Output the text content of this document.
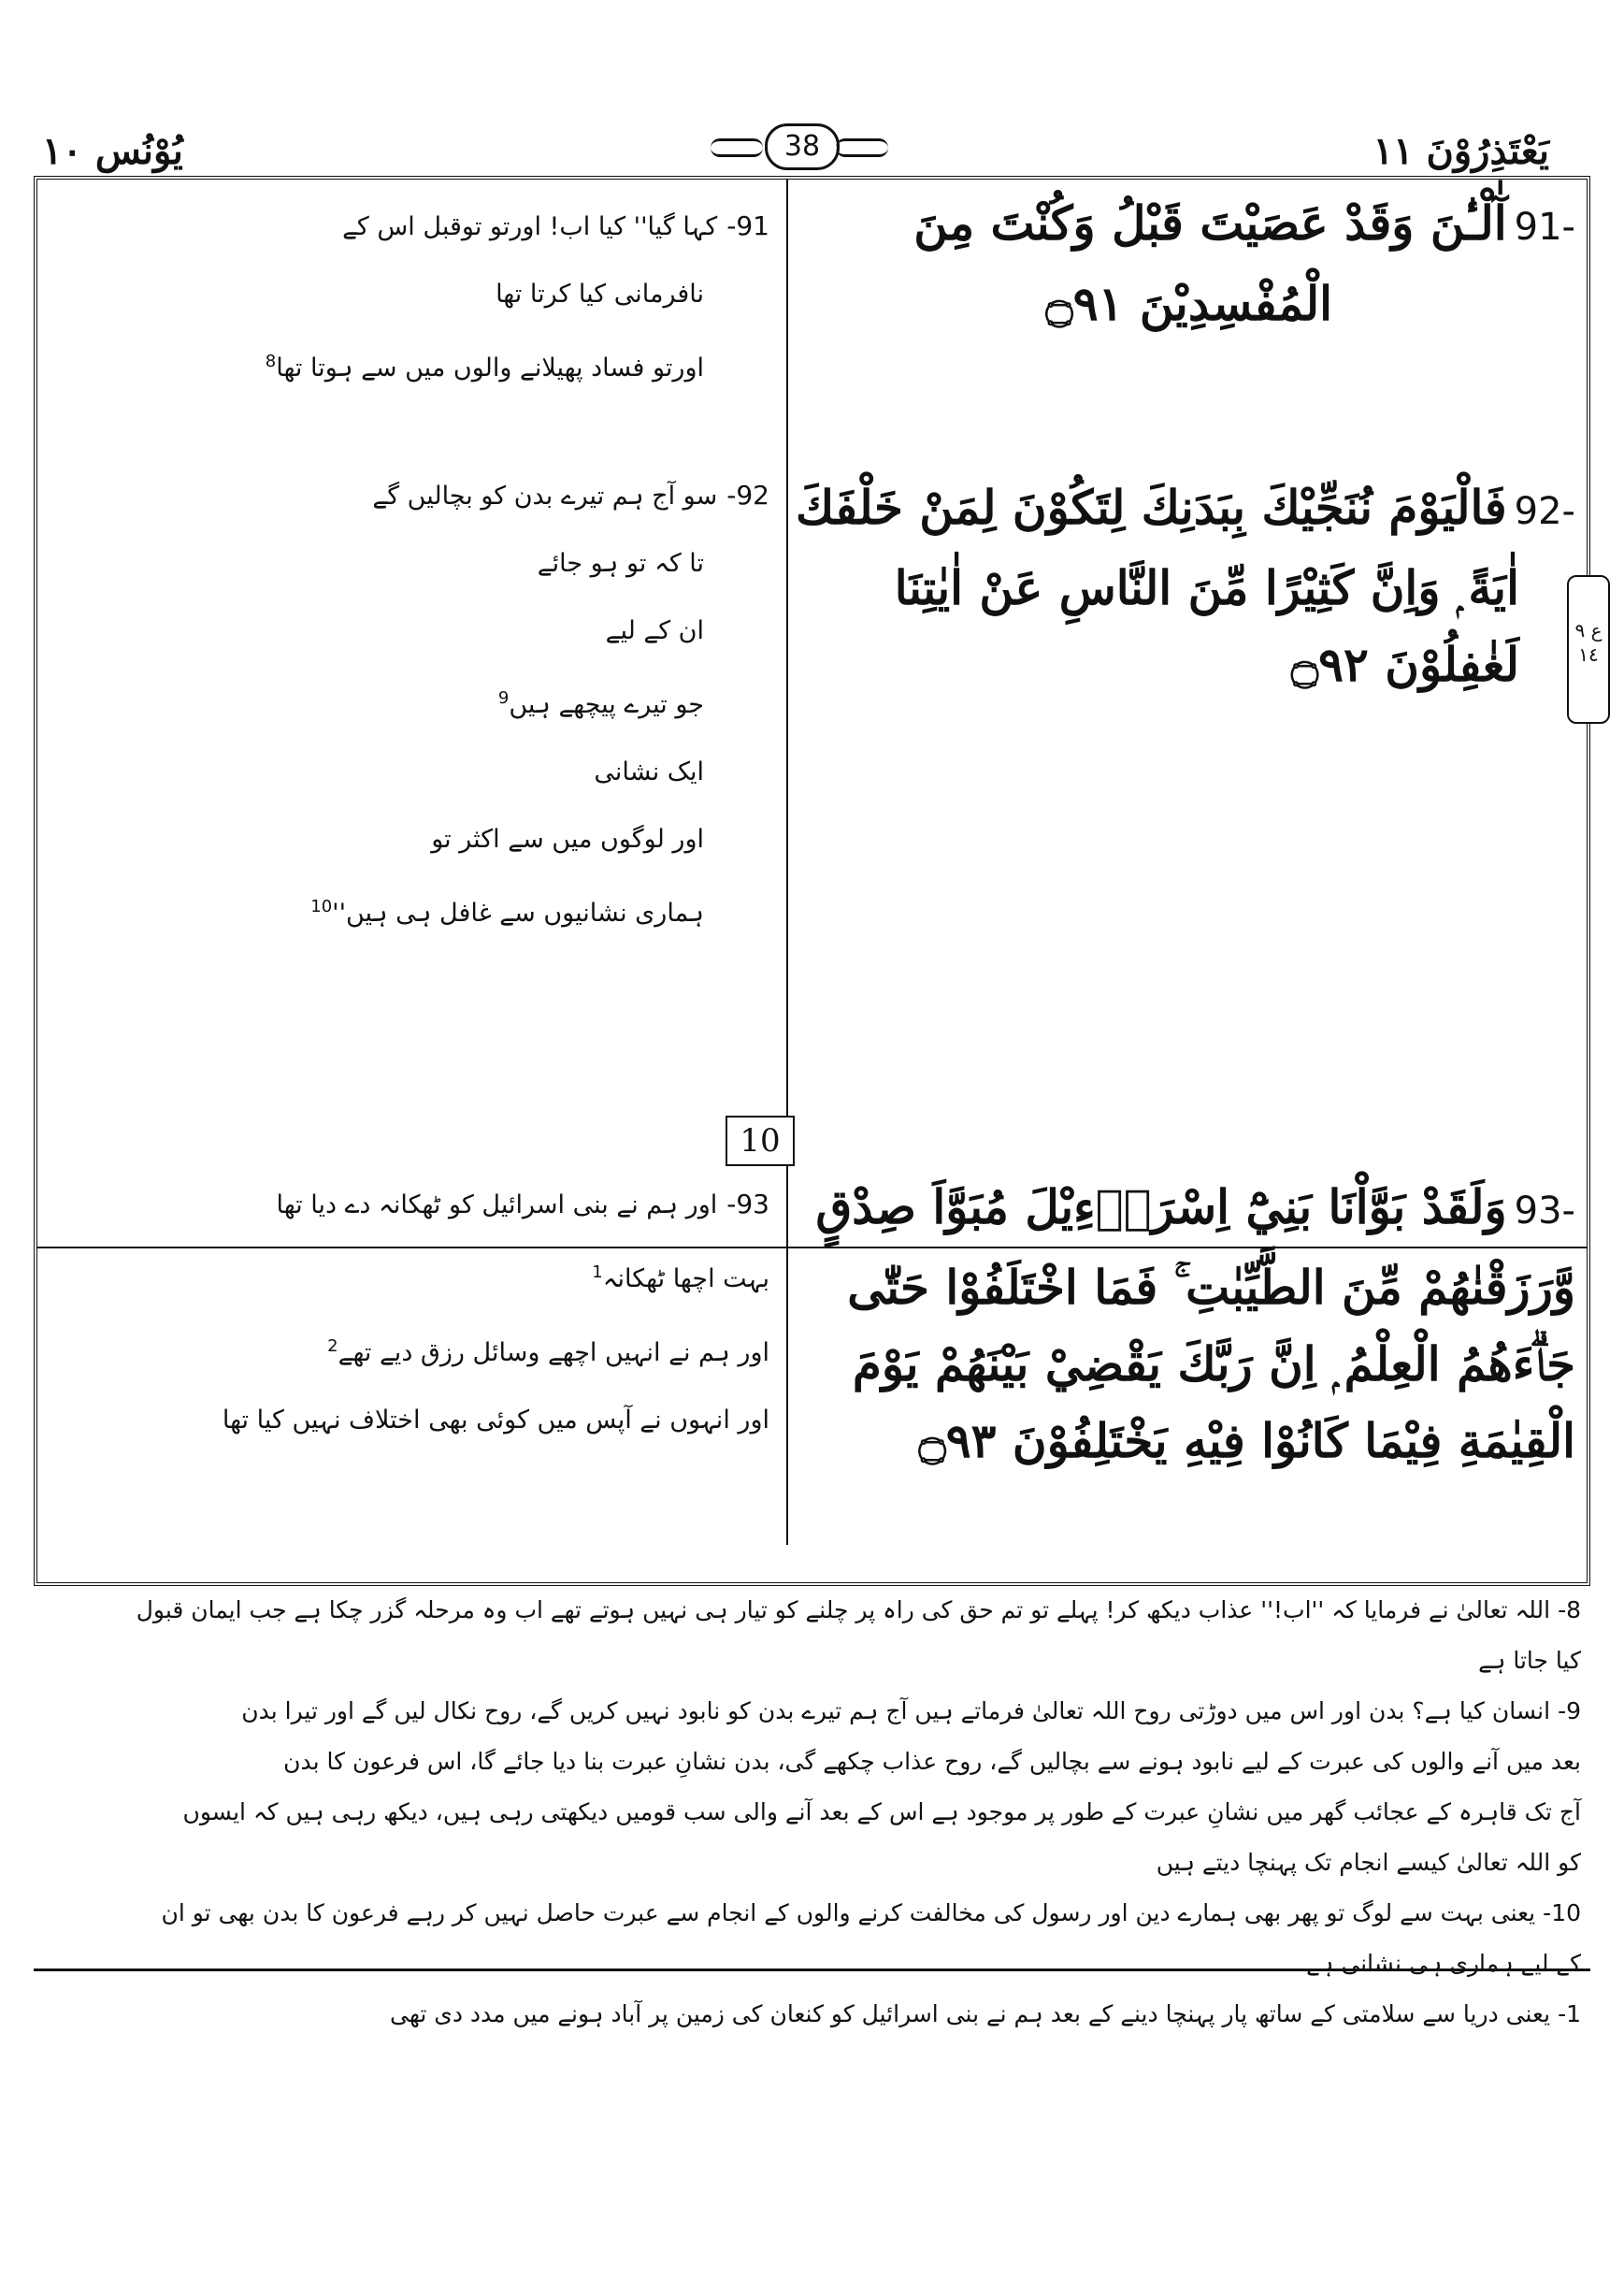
يَعْتَذِرُوْنَ ١١
يُوْنُس ١٠	38
91-آٰلْـٰٔنَ وَقَدْ عَصَيْتَ قَبْلُ وَكُنْتَ مِنَ
الْمُفْسِدِيْنَ ۝٩١
91-کہا گیا'' کیا اب! اورتو توقبل اس کے
نافرمانی کیا کرتا تھا
اورتو فساد پھیلانے والوں میں سے ہوتا تھا$^8$
92-فَالْيَوْمَ نُنَجِّيْكَ بِبَدَنِكَ لِتَكُوْنَ لِمَنْ خَلْفَكَ
اٰيَةً ۭ وَاِنَّ كَثِيْرًا مِّنَ النَّاسِ عَنْ اٰيٰتِنَا
لَغٰفِلُوْنَ ۝٩٢
92-سو آج ہم تیرے بدن کو بچالیں گے
تا کہ تو ہو جائے
ان کے لیے
جو تیرے پیچھے ہیں$^9$
ایک نشانی
اور لوگوں میں سے اکثر تو
ہماری نشانیوں سے غافل ہی $ہیں''^{10}$
93-وَلَقَدْ بَوَّاْنَا بَنِيْٓ اِسْرَاۗءِيْلَ مُبَوَّاَ صِدْقٍ
وَّرَزَقْنٰھُمْ مِّنَ الطَّيِّبٰتِ ۚ فَمَا اخْتَلَفُوْا حَتّٰى
جَاۗءَھُمُ الْعِلْمُ ۭ اِنَّ رَبَّكَ يَقْضِيْ بَيْنَھُمْ يَوْمَ
الْقِيٰمَةِ فِيْمَا كَانُوْا فِيْهِ يَخْتَلِفُوْنَ ۝٩٣
93-اور ہم نے بنی اسرائیل کو ٹھکانہ دے دیا تھا
بہت اچھا ٹھکانہ$^1$
اور ہم نے انہیں اچھے وسائل رزق دیے تھے$^2$
اور انہوں نے آپس میں کوئی بھی اختلاف نہیں کیا تھا
10
ع ٩ ١٤
8-اللہ تعالیٰ نے فرمایا کہ ''اب!'' عذاب دیکھ کر! پہلے تو تم حق کی راہ پر چلنے کو تیار ہی نہیں ہوتے تھے اب وہ مرحلہ گزر چکا ہے جب ایمان قبول
کیا جاتا ہے
9-انسان کیا ہے؟ بدن اور اس میں دوڑتی روح اللہ تعالیٰ فرماتے ہیں آج ہم تیرے بدن کو نابود نہیں کریں گے، روح نکال لیں گے اور تیرا بدن
بعد میں آنے والوں کی عبرت کے لیے نابود ہونے سے بچالیں گے، روح عذاب چکھے گی، بدن نشانِ عبرت بنا دیا جائے گا، اس فرعون کا بدن
آج تک قاہرہ کے عجائب گھر میں نشانِ عبرت کے طور پر موجود ہے اس کے بعد آنے والی سب قومیں دیکھتی رہی ہیں، دیکھ رہی ہیں کہ ایسوں
کو اللہ تعالیٰ کیسے انجام تک پہنچا دیتے ہیں
10-یعنی بہت سے لوگ تو پھر بھی ہمارے دین اور رسول کی مخالفت کرنے والوں کے انجام سے عبرت حاصل نہیں کر رہے فرعون کا بدن بھی تو ان
کے لیے ہماری ہی نشانی ہے
1-یعنی دریا سے سلامتی کے ساتھ پار پہنچا دینے کے بعد ہم نے بنی اسرائیل کو کنعان کی زمین پر آباد ہونے میں مدد دی تھی
